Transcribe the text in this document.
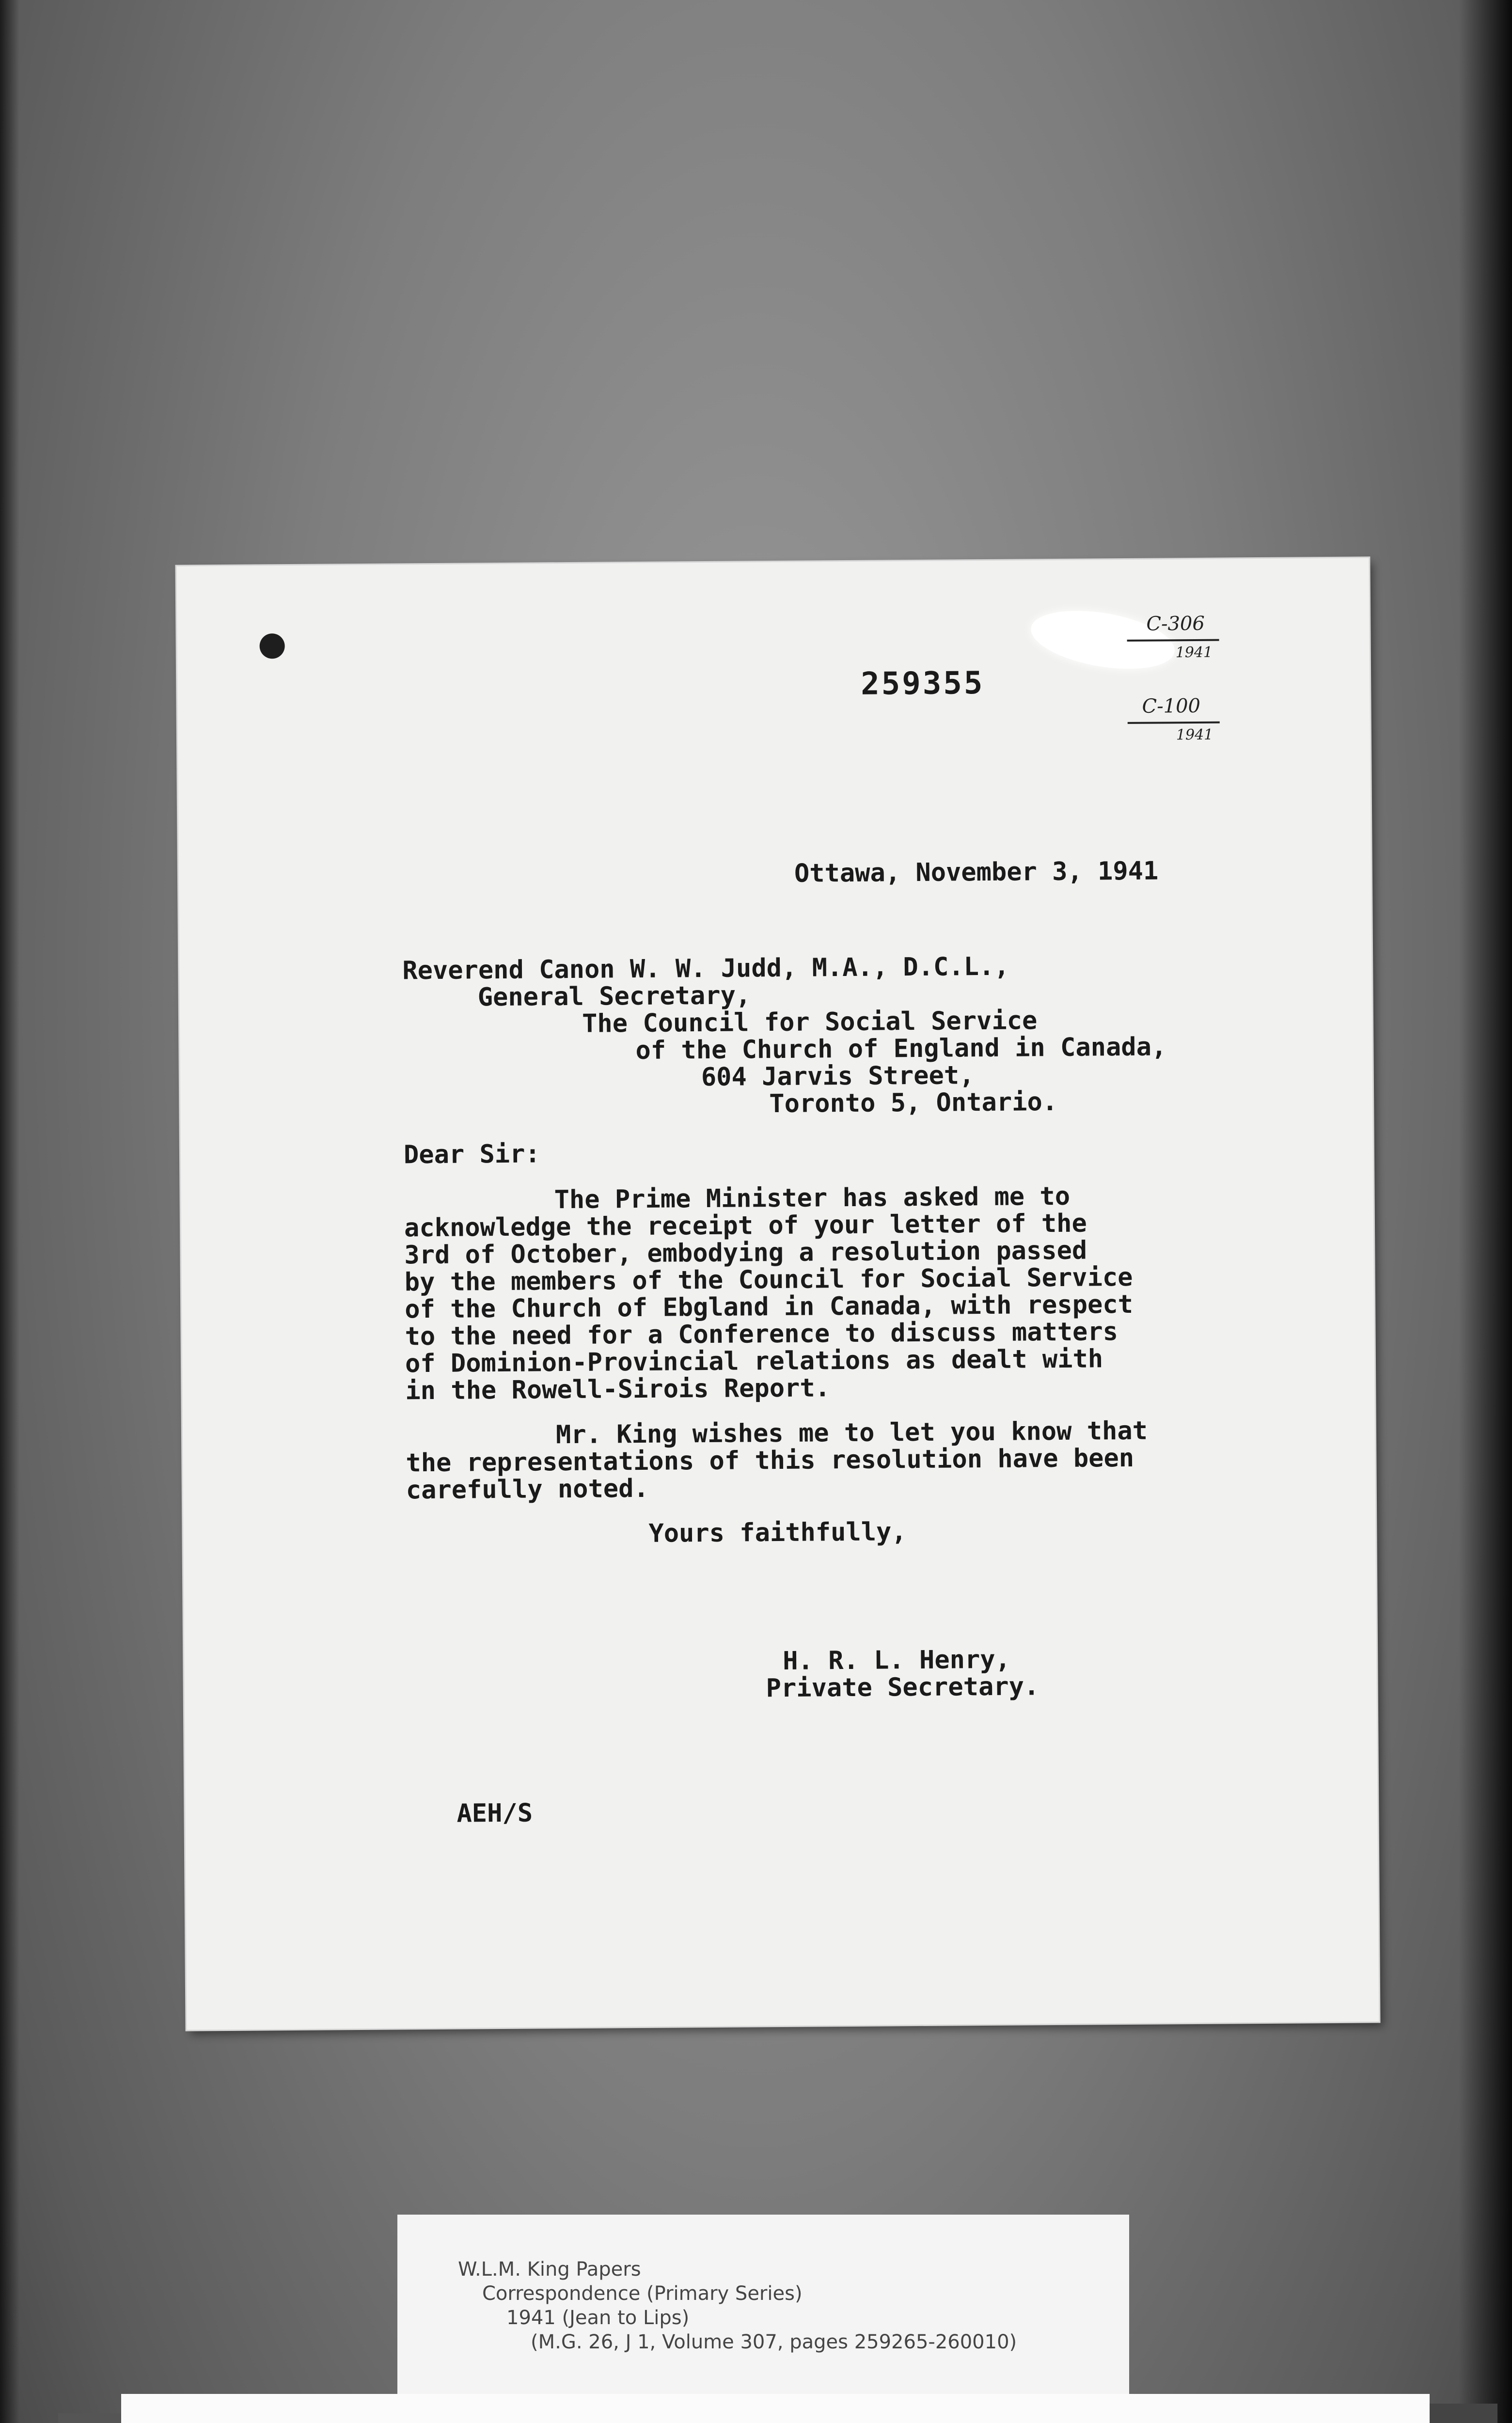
C-306
1941
C-100
1941
259355
Ottawa, November 3, 1941
Reverend Canon W. W. Judd, M.A., D.C.L.,
General Secretary,
The Council for Social Service
of the Church of England in Canada,
604 Jarvis Street,
Toronto 5, Ontario.
Dear Sir:
The Prime Minister has asked me to
acknowledge the receipt of your letter of the
3rd of October, embodying a resolution passed
by the members of the Council for Social Service
of the Church of Ebgland in Canada, with respect
to the need for a Conference to discuss matters
of Dominion-Provincial relations as dealt with
in the Rowell-Sirois Report.
Mr. King wishes me to let you know that
the representations of this resolution have been
carefully noted.
Yours faithfully,
H. R. L. Henry,
Private Secretary.
AEH/S
W.L.M. King Papers
Correspondence (Primary Series)
1941 (Jean to Lips)
(M.G. 26, J 1, Volume 307, pages 259265-260010)
